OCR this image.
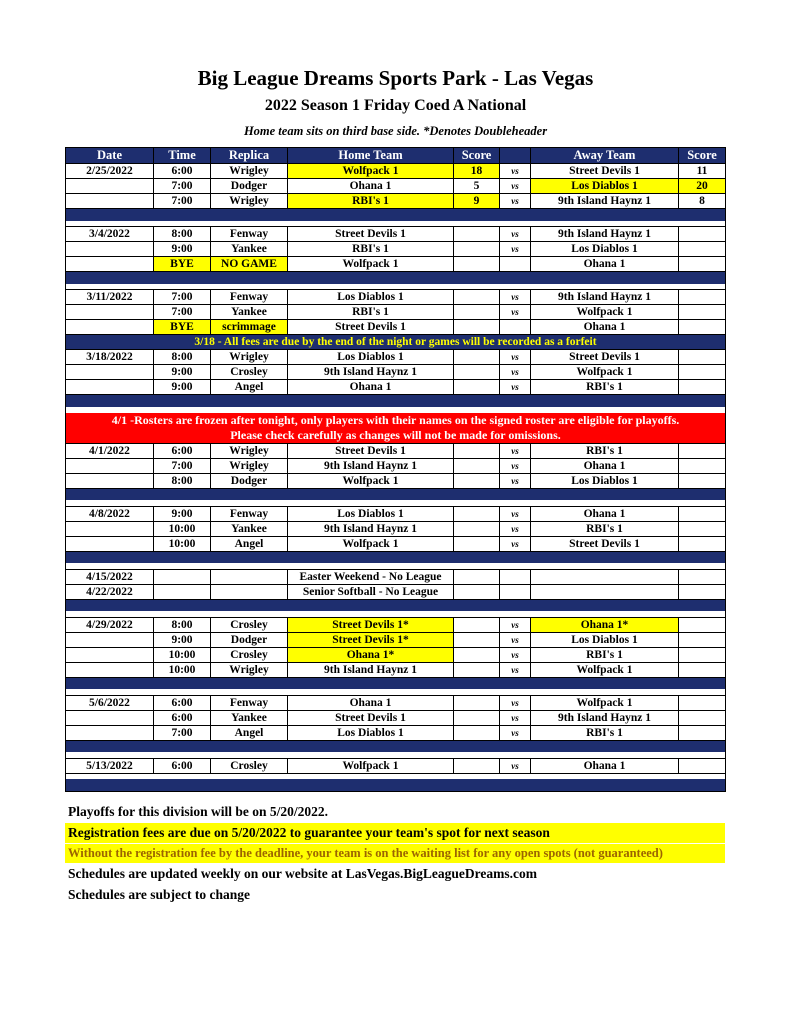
Big League Dreams Sports Park - Las Vegas
2022 Season 1 Friday Coed A National
Home team sits on third base side. *Denotes Doubleheader
Date	Time	Replica	Home Team	Score		Away Team	Score
2/25/2022	6:00	Wrigley	Wolfpack 1	18	vs	Street Devils 1	11
	7:00	Dodger	Ohana 1	5	vs	Los Diablos 1	20
	7:00	Wrigley	RBI's 1	9	vs	9th Island Haynz 1	8

3/4/2022	8:00	Fenway	Street Devils 1		vs	9th Island Haynz 1	
	9:00	Yankee	RBI's 1		vs	Los Diablos 1	
	BYE	NO GAME	Wolfpack 1			Ohana 1	

3/11/2022	7:00	Fenway	Los Diablos 1		vs	9th Island Haynz 1	
	7:00	Yankee	RBI's 1		vs	Wolfpack 1	
	BYE	scrimmage	Street Devils 1			Ohana 1	
3/18 - All fees are due by the end of the night or games will be recorded as a forfeit							
3/18/2022	8:00	Wrigley	Los Diablos 1		vs	Street Devils 1	
	9:00	Crosley	9th Island Haynz 1		vs	Wolfpack 1	
	9:00	Angel	Ohana 1		vs	RBI's 1	

4/1 -Rosters are frozen after tonight, only players with their names on the signed roster are eligible for playoffs.							
Please check carefully as changes will not be made for omissions.							
4/1/2022	6:00	Wrigley	Street Devils 1		vs	RBI's 1	
	7:00	Wrigley	9th Island Haynz 1		vs	Ohana 1	
	8:00	Dodger	Wolfpack 1		vs	Los Diablos 1	

4/8/2022	9:00	Fenway	Los Diablos 1		vs	Ohana 1	
	10:00	Yankee	9th Island Haynz 1		vs	RBI's 1	
	10:00	Angel	Wolfpack 1		vs	Street Devils 1	

4/15/2022			Easter Weekend - No League				
4/22/2022			Senior Softball - No League				

4/29/2022	8:00	Crosley	Street Devils 1*		vs	Ohana 1*	
	9:00	Dodger	Street Devils 1*		vs	Los Diablos 1	
	10:00	Crosley	Ohana 1*		vs	RBI's 1	
	10:00	Wrigley	9th Island Haynz 1		vs	Wolfpack 1	

5/6/2022	6:00	Fenway	Ohana 1		vs	Wolfpack 1	
	6:00	Yankee	Street Devils 1		vs	9th Island Haynz 1	
	7:00	Angel	Los Diablos 1		vs	RBI's 1	

5/13/2022	6:00	Crosley	Wolfpack 1		vs	Ohana 1	

Playoffs for this division will be on 5/20/2022.
Registration fees are due on 5/20/2022 to guarantee your team's spot for next season
Without the registration fee by the deadline, your team is on the waiting list for any open spots (not guaranteed)
Schedules are updated weekly on our website at LasVegas.BigLeagueDreams.com
Schedules are subject to change
